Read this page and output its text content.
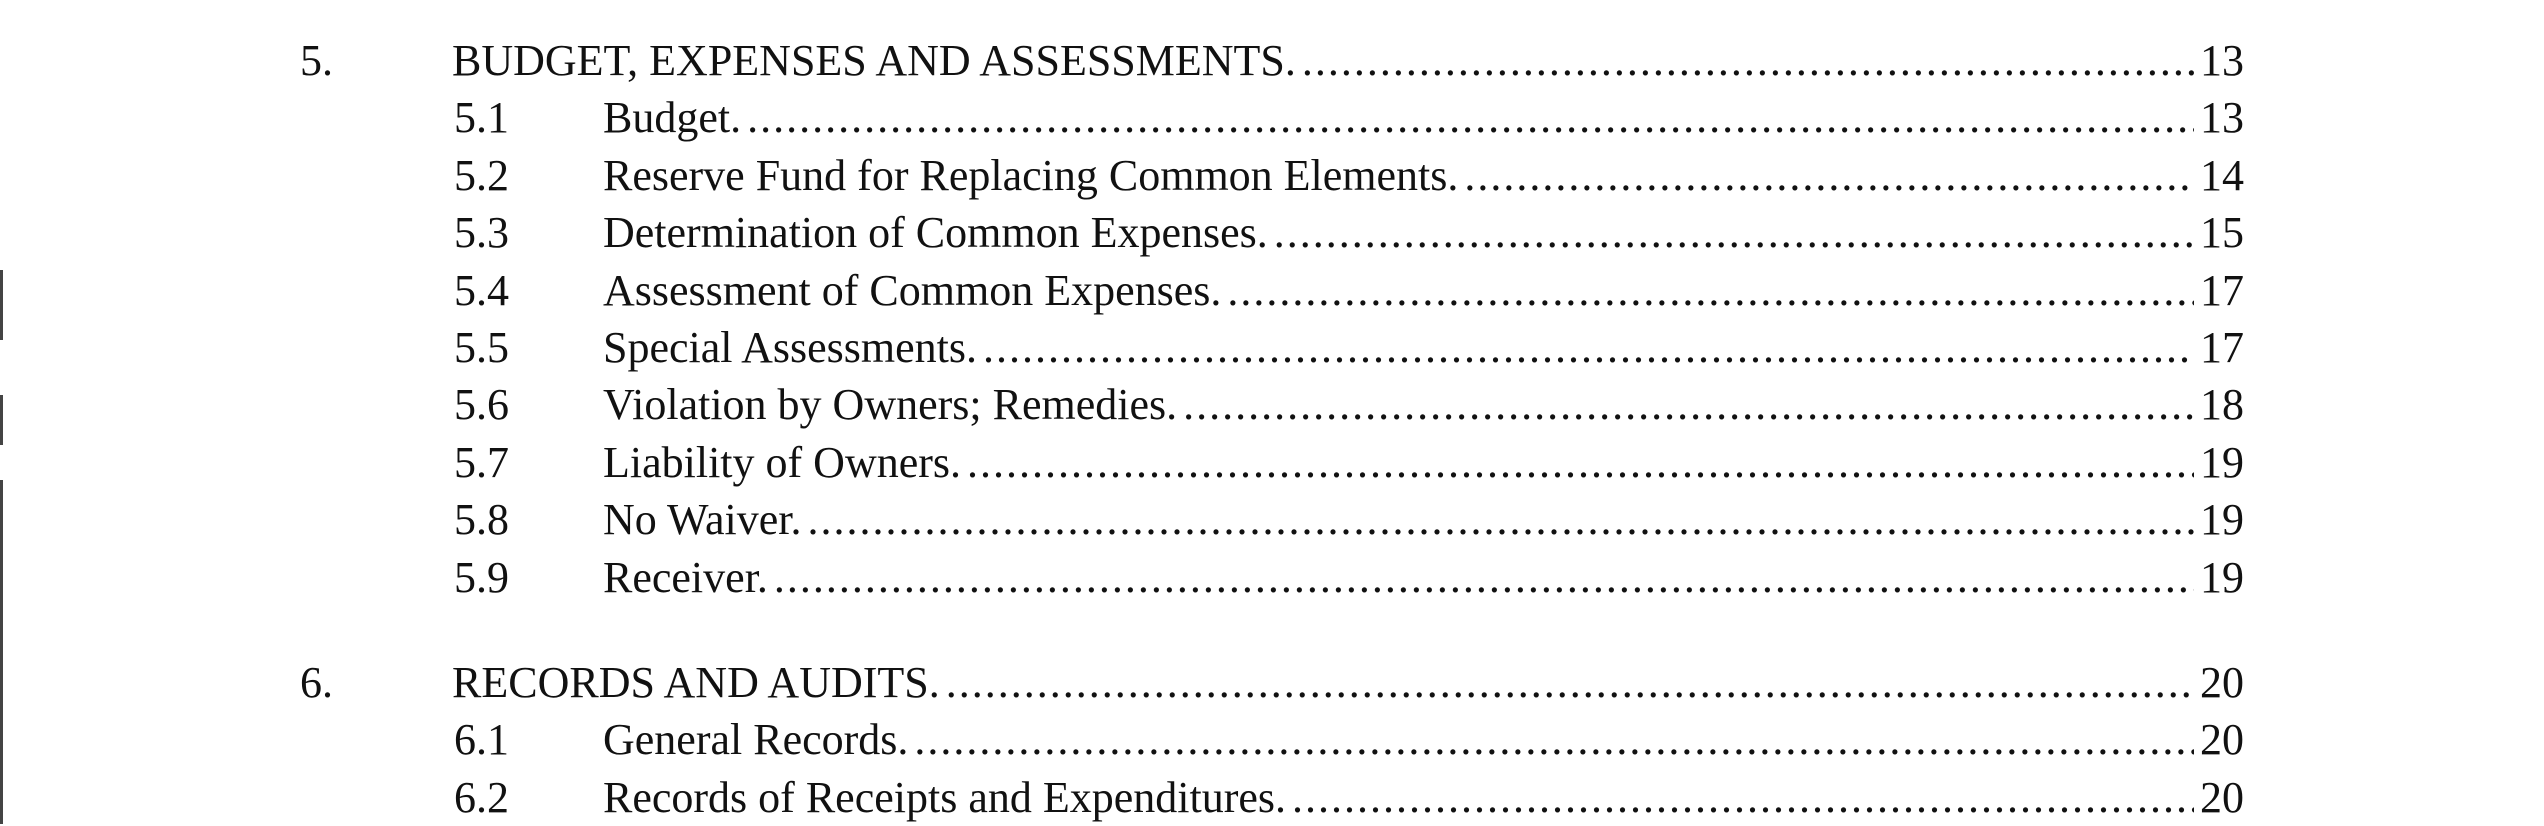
5.	BUDGET, EXPENSES AND ASSESSMENTS. .....	13
5.1 Budget. .....	13
5.2 Reserve Fund for Replacing Common Elements. .....	14
5.3 Determination of Common Expenses. .....	15
5.4 Assessment of Common Expenses. .....	17
5.5 Special Assessments. .....	17
5.6 Violation by Owners; Remedies. .....	18
5.7 Liability of Owners. .....	19
5.8 No Waiver. .....	19
5.9 Receiver. .....	19
6.	RECORDS AND AUDITS. .....	20
6.1 General Records. .....	20
6.2 Records of Receipts and Expenditures. .....	20
